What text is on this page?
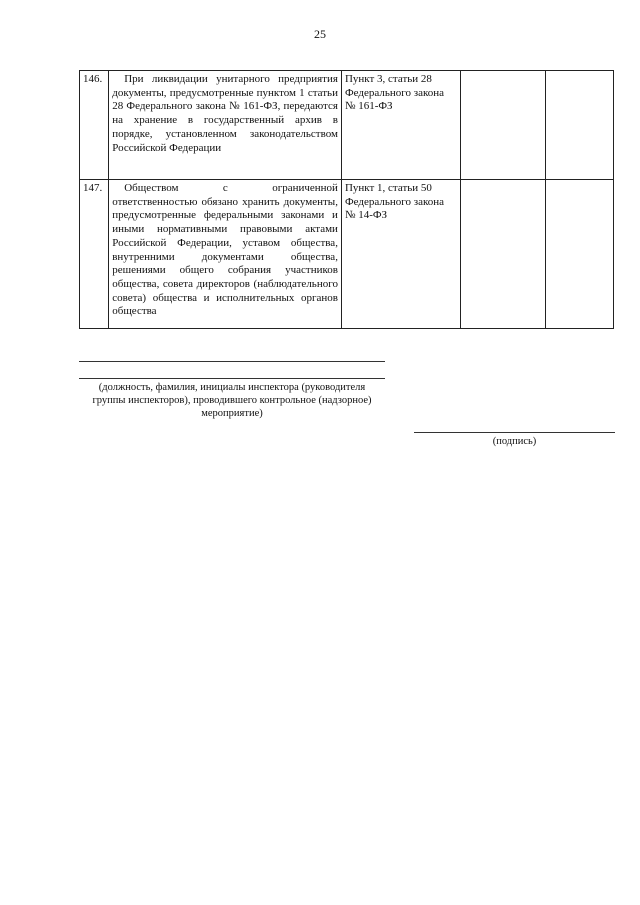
25
146.	При ликвидации унитарного предприятия документы, предусмотренные пунктом 1 статьи 28 Федерального закона № 161-ФЗ, передаются на хранение в государственный архив в порядке, установленном законодательством Российской Федерации	Пункт 3, статьи 28 Федерального закона № 161-ФЗ		
147.	Обществом с ограниченной ответственностью обязано хранить документы, предусмотренные федеральными законами и иными нормативными правовыми актами Российской Федерации, уставом общества, внутренними документами общества, решениями общего собрания участников общества, совета директоров (наблюдательного совета) общества и исполнительных органов общества	Пункт 1, статьи 50 Федерального закона № 14-ФЗ		
(должность, фамилия, инициалы инспектора (руководителя группы инспекторов), проводившего контрольное (надзорное) мероприятие)
(подпись)
